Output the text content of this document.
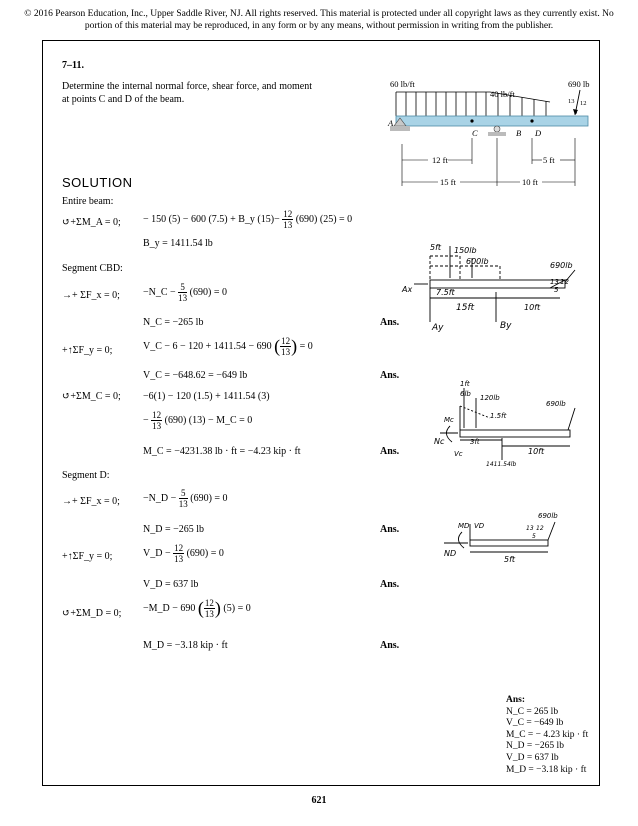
© 2016 Pearson Education, Inc., Upper Saddle River, NJ. All rights reserved. This material is protected under all copyright laws as they currently exist. No portion of this material may be reproduced, in any form or by any means, without permission in writing from the publisher.
7–11.
Determine the internal normal force, shear force, and moment at points C and D of the beam.
60 lb/ft
40 lb/ft
690 lb
13 12
5
A
C	B D
12 ft	5 ft
15 ft	10 ft
SOLUTION
Entire beam:
↺+ΣM_A = 0; − 150 (5) − 600 (7.5) + B_y $(15)- \frac{12}{13} (690) (25) = 0$
B_y = 1411.54 lb
Segment CBD:
→+ ΣF_x = 0; −N_C − $\frac{5}{13} (690) = 0$
N_C = −265 lb	Ans.
+↑ΣF_y = 0;	V_C − 6 − 120 + 1411.54 − 690 ( $\frac{12}{13}$ ) = 0
V_C = −648.62 = −649 lb	Ans.
↺+ΣM_C = 0; −6(1) − 120 (1.5) + 1411.54 (3)
− $\frac{12}{13} (690) (13)$ − M_C = 0
M_C = −4231.38 lb · ft = −4.23 kip · ft	Ans.
Segment D:
→+ ΣF_x = 0; −N_D − $\frac{5}{13} (690) = 0$
N_D = −265 lb	Ans.
+↑ΣF_y = 0;	V_D − $\frac{12}{13} (690) = 0$
V_D = 637 lb	Ans.
↺+ΣM_D = 0; −M_D − 690 ( $\frac{12}{13}$ ) (5) = 0
M_D = −3.18 kip · ft	Ans.
5ft 150lb
600lb	690lb
7.5ft
Ax
15ft	10ft
Ay	By
13 12
5
1ft
6lb 120lb
1.5ft
690lb
Mc
Nc
Vc
3ft
10ft
1411.54lb
MD VD
ND
690lb
5ft
13 12
5
Ans:
N_C = 265 lb
V_C = −649 lb
M_C = − 4.23 kip · ft
N_D = −265 lb
V_D = 637 lb
M_D = −3.18 kip · ft
621
